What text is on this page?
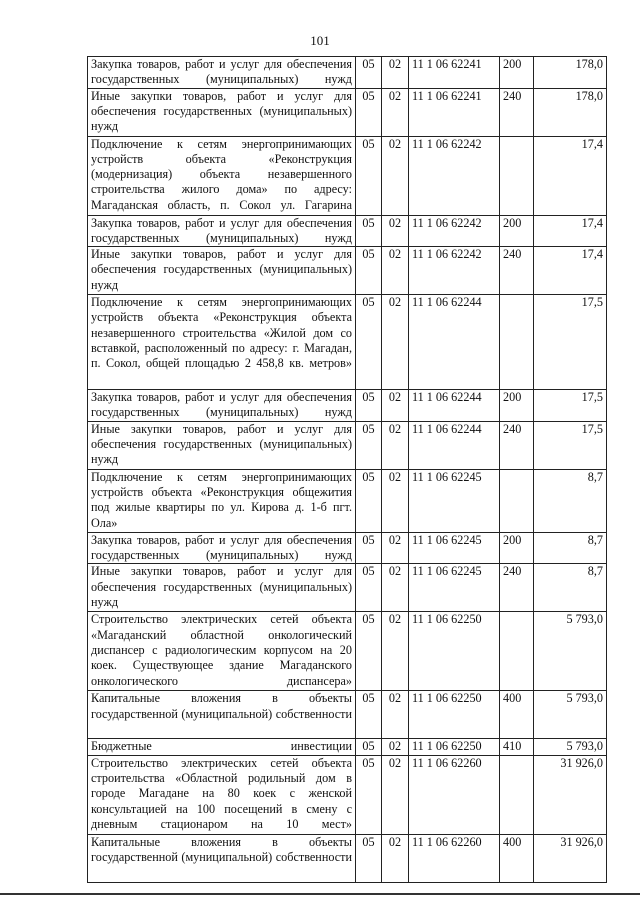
101
Закупка товаров, работ и услуг для обеспечения государственных (муниципальных) нужд	05	02	11 1 06 62241	200	178,0
Иные закупки товаров, работ и услуг для обеспечения государственных (муниципальных) нужд	05	02	11 1 06 62241	240	178,0
Подключение к сетям энергопринимающих устройств объекта «Реконструкция (модернизация) объекта незавершенного строительства жилого дома» по адресу: Магаданская область, п. Сокол ул. Гагарина	05	02	11 1 06 62242		17,4
Закупка товаров, работ и услуг для обеспечения государственных (муниципальных) нужд	05	02	11 1 06 62242	200	17,4
Иные закупки товаров, работ и услуг для обеспечения государственных (муниципальных) нужд	05	02	11 1 06 62242	240	17,4
Подключение к сетям энергопринимающих устройств объекта «Реконструкция объекта незавершенного строительства «Жилой дом со вставкой, расположенный по адресу: г. Магадан, п. Сокол, общей площадью 2 458,8 кв. метров»	05	02	11 1 06 62244		17,5
Закупка товаров, работ и услуг для обеспечения государственных (муниципальных) нужд	05	02	11 1 06 62244	200	17,5
Иные закупки товаров, работ и услуг для обеспечения государственных (муниципальных) нужд	05	02	11 1 06 62244	240	17,5
Подключение к сетям энергопринимающих устройств объекта «Реконструкция общежития под жилые квартиры по ул. Кирова д. 1-б пгт. Ола»	05	02	11 1 06 62245		8,7
Закупка товаров, работ и услуг для обеспечения государственных (муниципальных) нужд	05	02	11 1 06 62245	200	8,7
Иные закупки товаров, работ и услуг для обеспечения государственных (муниципальных) нужд	05	02	11 1 06 62245	240	8,7
Строительство электрических сетей объекта «Магаданский областной онкологический диспансер с радиологическим корпусом на 20 коек. Существующее здание Магаданского онкологического диспансера»	05	02	11 1 06 62250		5 793,0
Капитальные вложения в объекты государственной (муниципальной) собственности	05	02	11 1 06 62250	400	5 793,0
Бюджетные инвестиции	05	02	11 1 06 62250	410	5 793,0
Строительство электрических сетей объекта строительства «Областной родильный дом в городе Магадане на 80 коек с женской консультацией на 100 посещений в смену с дневным стационаром на 10 мест»	05	02	11 1 06 62260		31 926,0
Капитальные вложения в объекты государственной (муниципальной) собственности	05	02	11 1 06 62260	400	31 926,0
